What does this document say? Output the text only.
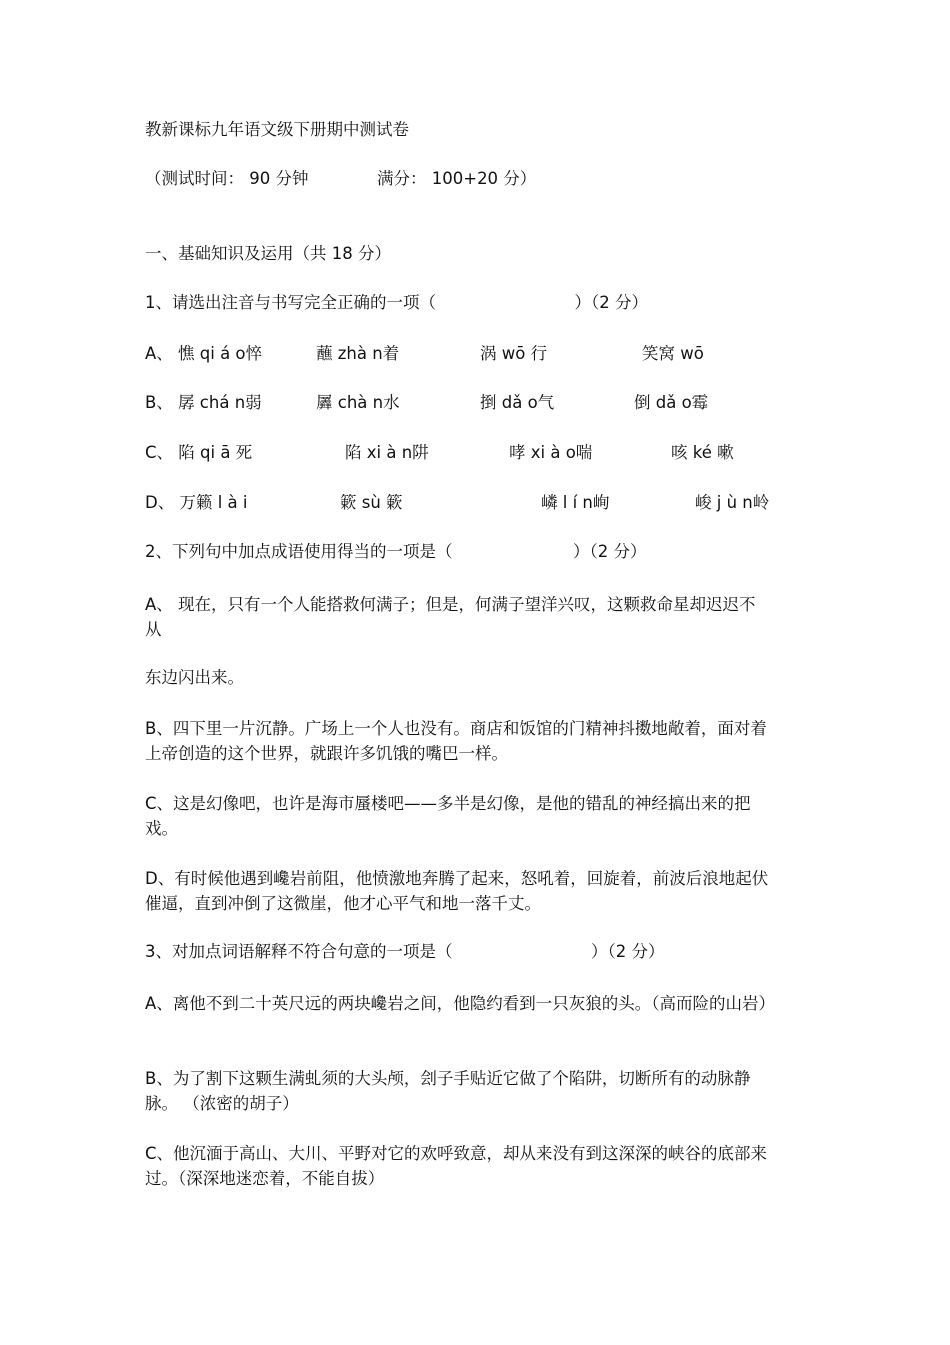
教新课标九年语文级下册期中测试卷
（测试时间： 90 分钟	满分： 100+20 分）
一、基础知识及运用（共 18 分）
1、请选出注音与书写完全正确的一项（	）（2 分）
A、 憔 qi á o悴	蘸 zhà n着	涡 wō 行	笑窝 wō
B、 孱 chá n弱	羼 chà n水	捯 dǎ o气	倒 dǎ o霉
C、 陷 qi ā 死	陷 xi à n阱	哮 xi à o喘	咳 ké 嗽
D、 万籁 l à i	簌 sù 簌	嶙 l í n峋	峻 j ù n岭
2、下列句中加点成语使用得当的一项是（	）（2 分）
A、 现在，只有一个人能搭救何满子；但是，何满子望洋兴叹，这颗救命星却迟迟不从
东边闪出来。
B、四下里一片沉静。广场上一个人也没有。商店和饭馆的门精神抖擞地敞着，面对着上帝创造的这个世界，就跟许多饥饿的嘴巴一样。
C、这是幻像吧，也许是海市蜃楼吧——多半是幻像，是他的错乱的神经搞出来的把戏。
D、有时候他遇到巉岩前阻，他愤激地奔腾了起来，怒吼着，回旋着，前波后浪地起伏催逼，直到冲倒了这微崖，他才心平气和地一落千丈。
3、对加点词语解释不符合句意的一项是（	）（2 分）
A、离他不到二十英尺远的两块巉岩之间，他隐约看到一只灰狼的头。（高而险的山岩）
B、为了割下这颗生满虬须的大头颅，刽子手贴近它做了个陷阱，切断所有的动脉静脉。 （浓密的胡子）
C、他沉湎于高山、大川、平野对它的欢呼致意，却从来没有到这深深的峡谷的底部来过。（深深地迷恋着，不能自拔）
